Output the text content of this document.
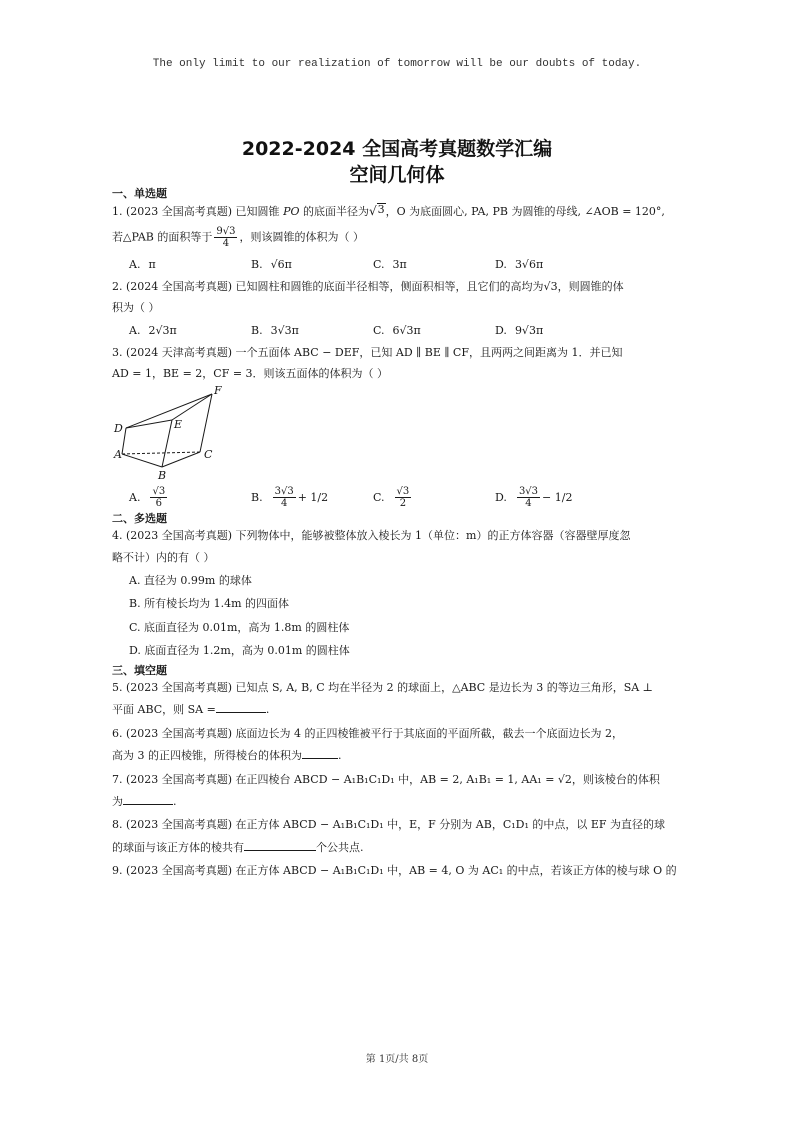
The only limit to our realization of tomorrow will be our doubts of today.
2022-2024 全国高考真题数学汇编
空间几何体
一、单选题
1. (2023 全国高考真题) 已知圆锥 PO 的底面半径为 √ 3 ，O 为底面圆心, PA, PB 为圆锥的母线, ∠AOB = 120°,
若△PAB 的面积等于 $\frac{9√3}{4}$ ，则该圆锥的体积为（ ）
A. π	B. √6π	C. 3π	D. 3√6π
2. (2024 全国高考真题) 已知圆柱和圆锥的底面半径相等，侧面积相等，且它们的高均为√3，则圆锥的体
积为（ ）
A. 2√3π	B. 3√3π	C. 6√3π	D. 9√3π
3. (2024 天津高考真题) 一个五面体 ABC − DEF，已知 AD ∥ BE ∥ CF，且两两之间距离为 1．并已知
AD = 1，BE = 2，CF = 3．则该五面体的体积为（ ）
A
B
C
D	E
F
A. $\frac{√3}{6}$	B. $\frac{3√3}{4} + 1/2$	C. $\frac{√3}{2}$	D. $\frac{3√3}{4} - 1/2$
二、多选题
4. (2023 全国高考真题) 下列物体中，能够被整体放入棱长为 1（单位：m）的正方体容器（容器壁厚度忽
略不计）内的有（ ）
A. 直径为 0.99m 的球体
B. 所有棱长均为 1.4m 的四面体
C. 底面直径为 0.01m，高为 1.8m 的圆柱体
D. 底面直径为 1.2m，高为 0.01m 的圆柱体
三、填空题
5. (2023 全国高考真题) 已知点 S, A, B, C 均在半径为 2 的球面上，△ABC 是边长为 3 的等边三角形，SA ⊥
平面 ABC，则 SA =	.
6. (2023 全国高考真题) 底面边长为 4 的正四棱锥被平行于其底面的平面所截，截去一个底面边长为 2，
高为 3 的正四棱锥，所得棱台的体积为	.
7. (2023 全国高考真题) 在正四棱台 ABCD − A₁B₁C₁D₁ 中，AB = 2, A₁B₁ = 1, AA₁ = √2，则该棱台的体积
为	.
8. (2023 全国高考真题) 在正方体 ABCD − A₁B₁C₁D₁ 中，E，F 分别为 AB，C₁D₁ 的中点，以 EF 为直径的球
的球面与该正方体的棱共有	个公共点.
9. (2023 全国高考真题) 在正方体 ABCD − A₁B₁C₁D₁ 中，AB = 4, O 为 AC₁ 的中点，若该正方体的棱与球 O 的
第 1页/共 8页
